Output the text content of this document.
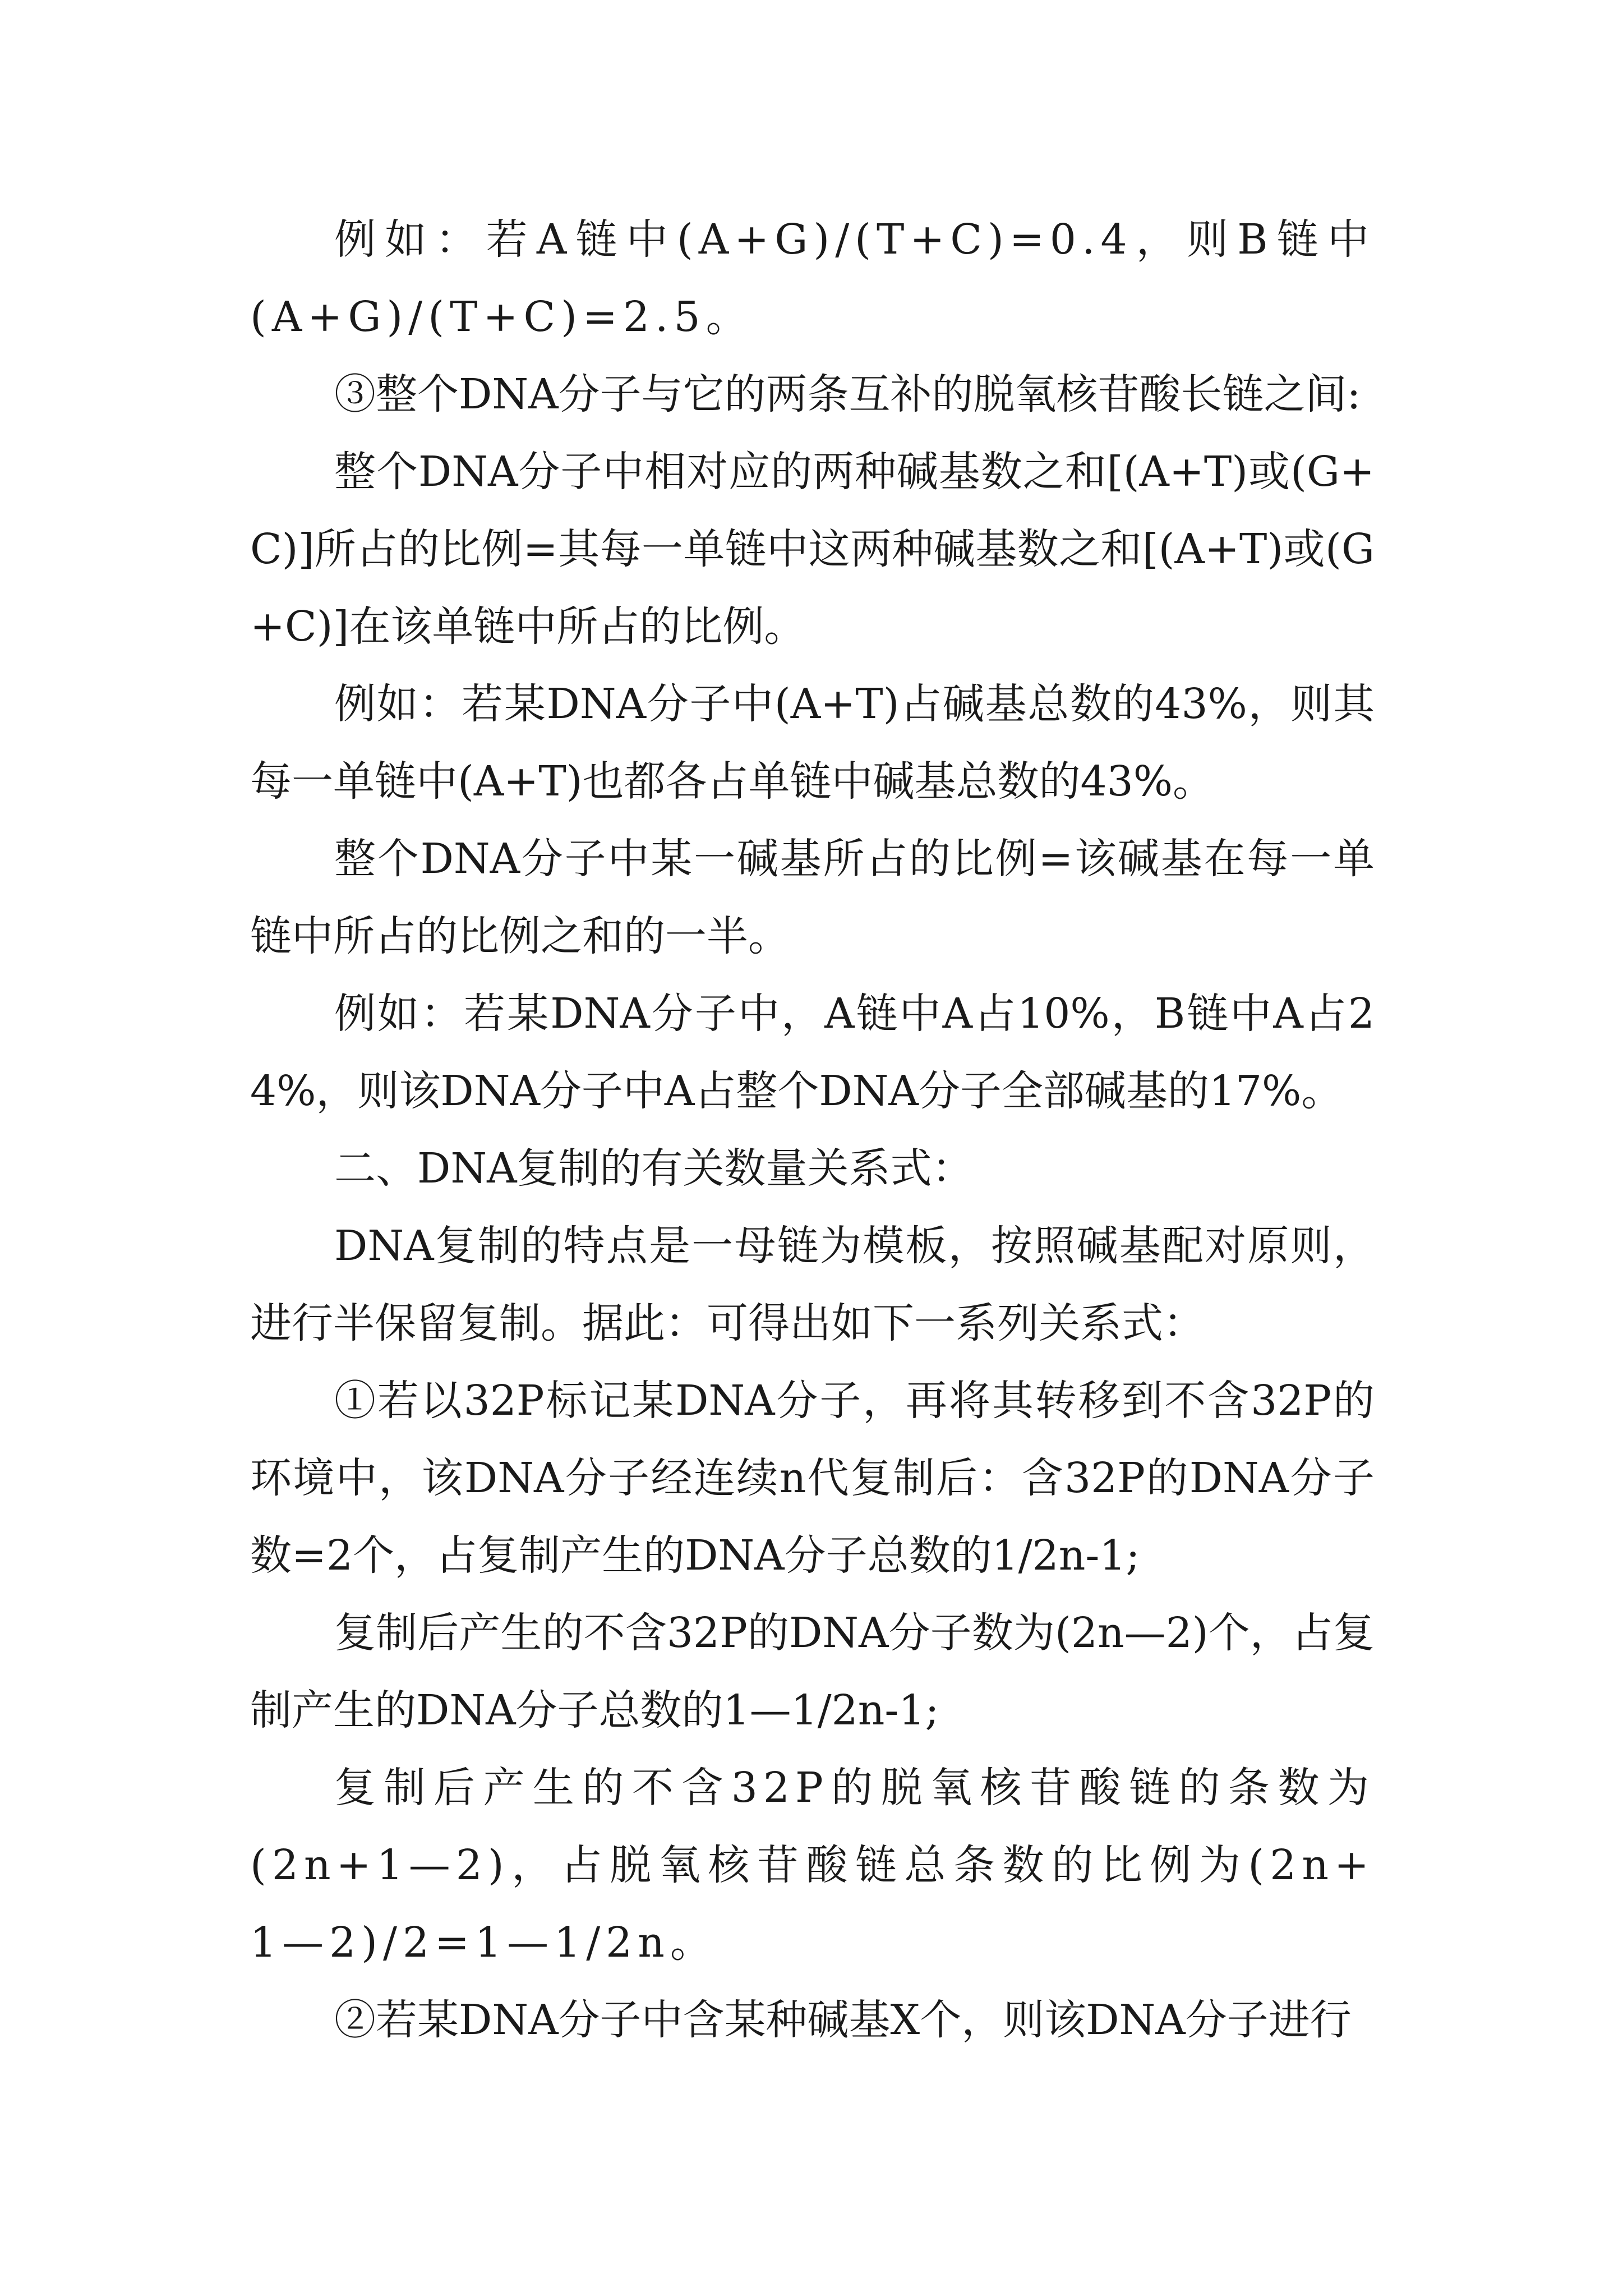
例如：若A链中(A+G)/(T+C)=0.4，则B链中(A+G)/(T+C)=2.5。

③整个DNA分子与它的两条互补的脱氧核苷酸长链之间:

整个DNA分子中相对应的两种碱基数之和[(A+T)或(G+C)]所占的比例=其每一单链中这两种碱基数之和[(A+T)或(G+C)]在该单链中所占的比例。

例如：若某DNA分子中(A+T)占碱基总数的43%，则其每一单链中(A+T)也都各占单链中碱基总数的43%。

整个DNA分子中某一碱基所占的比例=该碱基在每一单链中所占的比例之和的一半。

例如：若某DNA分子中，A链中A占10%，B链中A占24%，则该DNA分子中A占整个DNA分子全部碱基的17%。

二、DNA复制的有关数量关系式：

DNA复制的特点是一母链为模板，按照碱基配对原则，进行半保留复制。据此：可得出如下一系列关系式：

①若以32P标记某DNA分子，再将其转移到不含32P的环境中，该DNA分子经连续n代复制后：含32P的DNA分子数=2个，占复制产生的DNA分子总数的1/2n-1;

复制后产生的不含32P的DNA分子数为(2n—2)个，占复制产生的DNA分子总数的1—1/2n-1;

复制后产生的不含32P的脱氧核苷酸链的条数为(2n+1—2)，占脱氧核苷酸链总条数的比例为(2n+1—2)/2=1—1/2n。

②若某DNA分子中含某种碱基X个，则该DNA分子进行
